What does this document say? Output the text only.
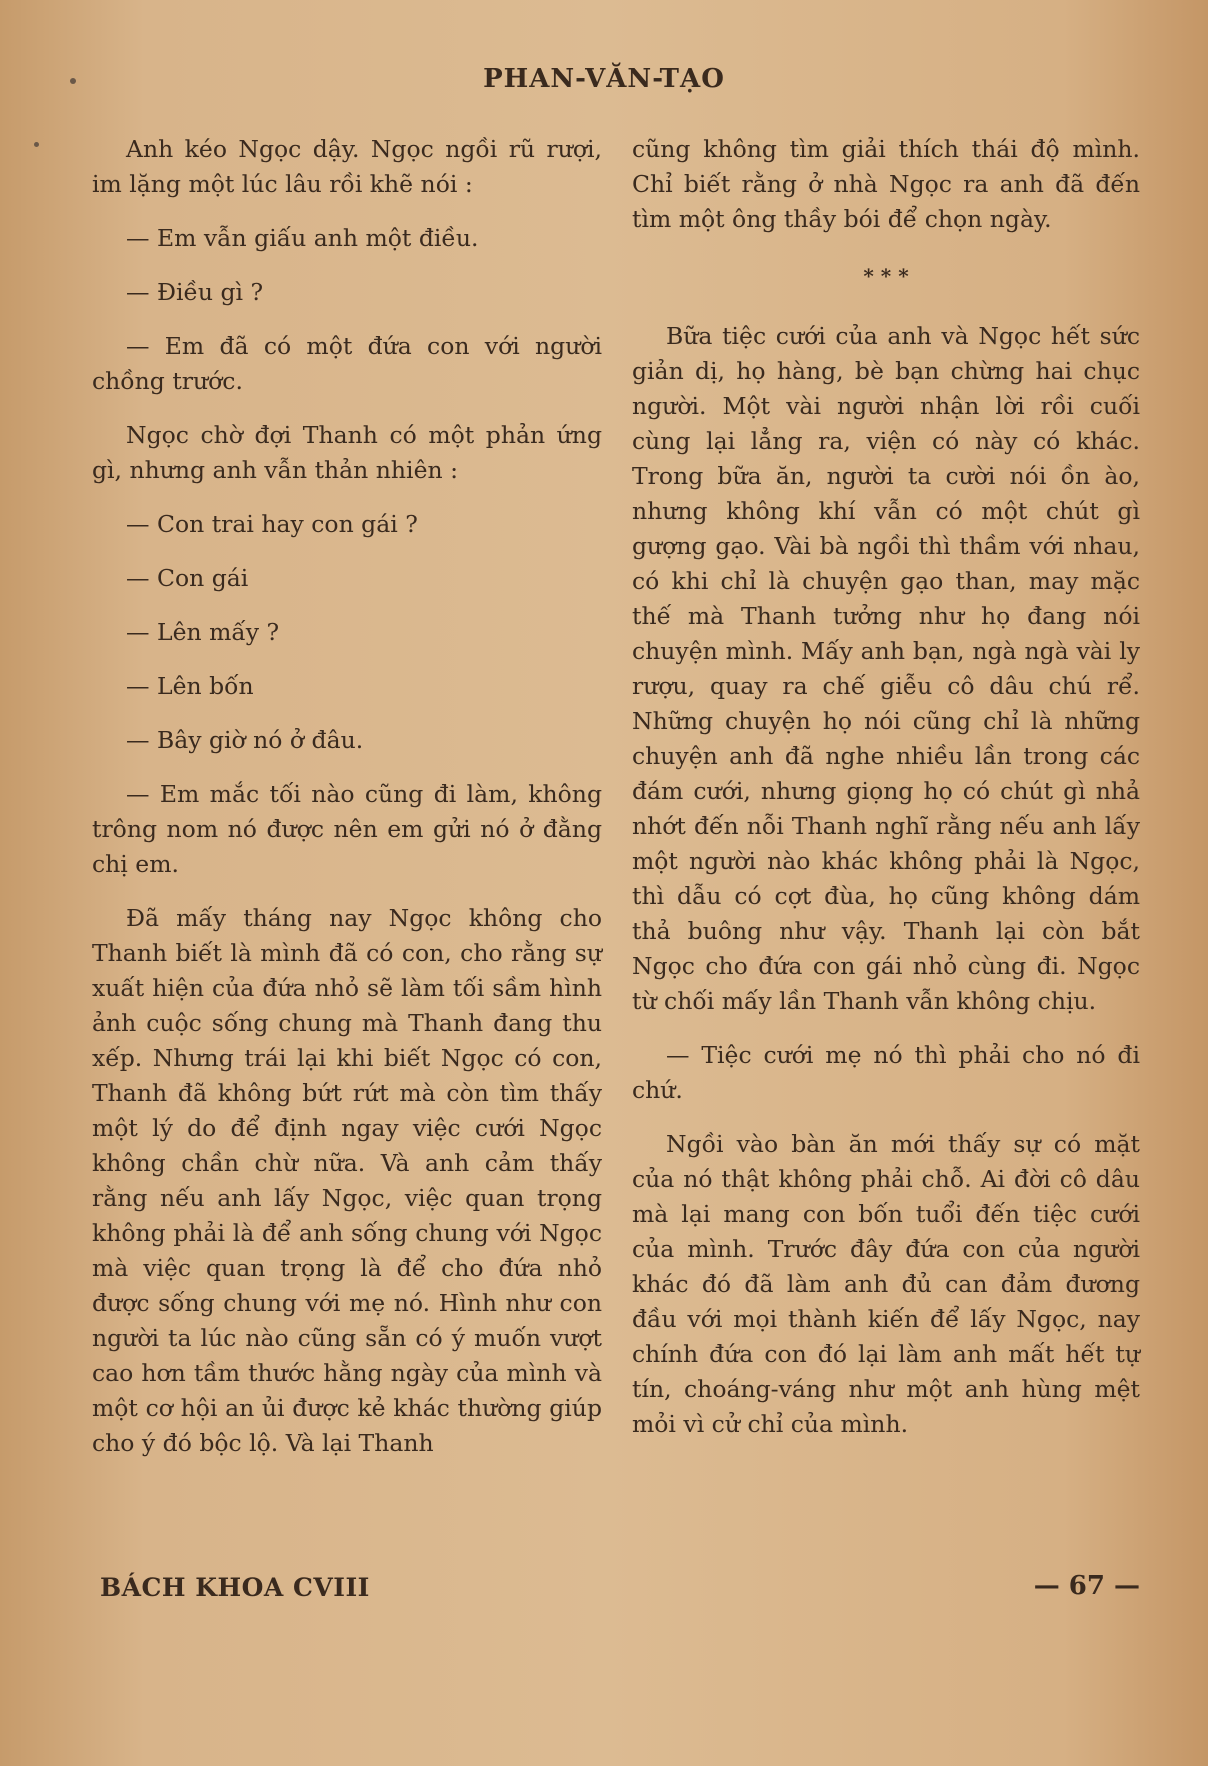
PHAN-VĂN-TẠO

Anh kéo Ngọc dậy. Ngọc ngồi rũ rượi, im lặng một lúc lâu rồi khẽ nói :

— Em vẫn giấu anh một điều.

— Điều gì ?

— Em đã có một đứa con với người chồng trước.

Ngọc chờ đợi Thanh có một phản ứng gì, nhưng anh vẫn thản nhiên :

— Con trai hay con gái ?

— Con gái

— Lên mấy ?

— Lên bốn

— Bây giờ nó ở đâu.

— Em mắc tối nào cũng đi làm, không trông nom nó được nên em gửi nó ở đằng chị em.

Đã mấy tháng nay Ngọc không cho Thanh biết là mình đã có con, cho rằng sự xuất hiện của đứa nhỏ sẽ làm tối sầm hình ảnh cuộc sống chung mà Thanh đang thu xếp. Nhưng trái lại khi biết Ngọc có con, Thanh đã không bứt rứt mà còn tìm thấy một lý do để định ngay việc cưới Ngọc không chần chừ nữa. Và anh cảm thấy rằng nếu anh lấy Ngọc, việc quan trọng không phải là để anh sống chung với Ngọc mà việc quan trọng là để cho đứa nhỏ được sống chung với mẹ nó. Hình như con người ta lúc nào cũng sẵn có ý muốn vượt cao hơn tầm thước hằng ngày của mình và một cơ hội an ủi được kẻ khác thường giúp cho ý đó bộc lộ. Và lại Thanh

cũng không tìm giải thích thái độ mình. Chỉ biết rằng ở nhà Ngọc ra anh đã đến tìm một ông thầy bói để chọn ngày.

* * *

Bữa tiệc cưới của anh và Ngọc hết sức giản dị, họ hàng, bè bạn chừng hai chục người. Một vài người nhận lời rồi cuối cùng lại lẳng ra, viện có này có khác. Trong bữa ăn, người ta cười nói ồn ào, nhưng không khí vẫn có một chút gì gượng gạo. Vài bà ngồi thì thầm với nhau, có khi chỉ là chuyện gạo than, may mặc thế mà Thanh tưởng như họ đang nói chuyện mình. Mấy anh bạn, ngà ngà vài ly rượu, quay ra chế giễu cô dâu chú rể. Những chuyện họ nói cũng chỉ là những chuyện anh đã nghe nhiều lần trong các đám cưới, nhưng giọng họ có chút gì nhả nhớt đến nỗi Thanh nghĩ rằng nếu anh lấy một người nào khác không phải là Ngọc, thì dẫu có cợt đùa, họ cũng không dám thả buông như vậy. Thanh lại còn bắt Ngọc cho đứa con gái nhỏ cùng đi. Ngọc từ chối mấy lần Thanh vẫn không chịu.

— Tiệc cưới mẹ nó thì phải cho nó đi chứ.

Ngồi vào bàn ăn mới thấy sự có mặt của nó thật không phải chỗ. Ai đời cô dâu mà lại mang con bốn tuổi đến tiệc cưới của mình. Trước đây đứa con của người khác đó đã làm anh đủ can đảm đương đầu với mọi thành kiến để lấy Ngọc, nay chính đứa con đó lại làm anh mất hết tự tín, choáng-váng như một anh hùng mệt mỏi vì cử chỉ của mình.

BÁCH KHOA CVIII	— 67 —
